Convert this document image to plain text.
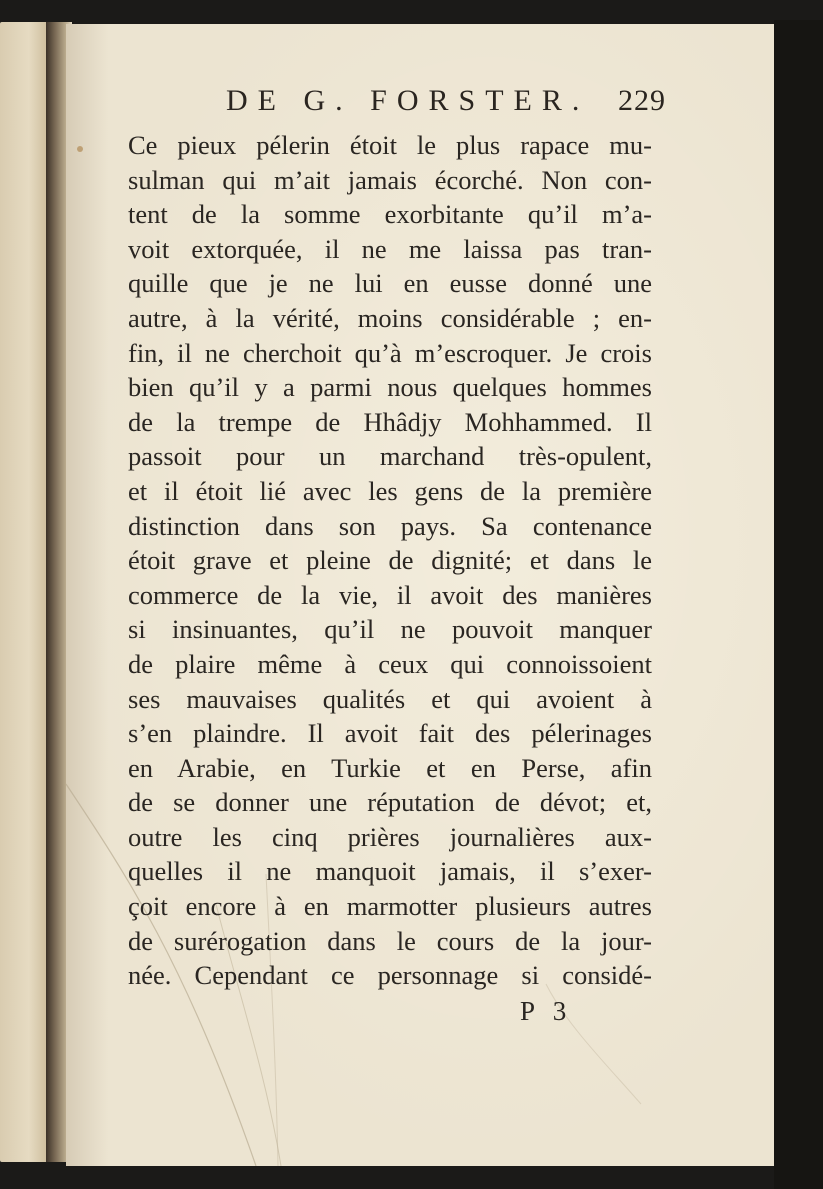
DE G. FORSTER. 229
Ce pieux pélerin étoit le plus rapace mu-
sulman qui m’ait jamais écorché. Non con-
tent de la somme exorbitante qu’il m’a-
voit extorquée, il ne me laissa pas tran-
quille que je ne lui en eusse donné une
autre, à la vérité, moins considérable ; en-
fin, il ne cherchoit qu’à m’escroquer. Je crois
bien qu’il y a parmi nous quelques hommes
de la trempe de Hhâdjy Mohhammed. Il
passoit pour un marchand très-opulent,
et il étoit lié avec les gens de la première
distinction dans son pays. Sa contenance
étoit grave et pleine de dignité; et dans le
commerce de la vie, il avoit des manières
si insinuantes, qu’il ne pouvoit manquer
de plaire même à ceux qui connoissoient
ses mauvaises qualités et qui avoient à
s’en plaindre. Il avoit fait des pélerinages
en Arabie, en Turkie et en Perse, afin
de se donner une réputation de dévot; et,
outre les cinq prières journalières aux-
quelles il ne manquoit jamais, il s’exer-
çoit encore à en marmotter plusieurs autres
de surérogation dans le cours de la jour-
née. Cependant ce personnage si considé-
P 3
